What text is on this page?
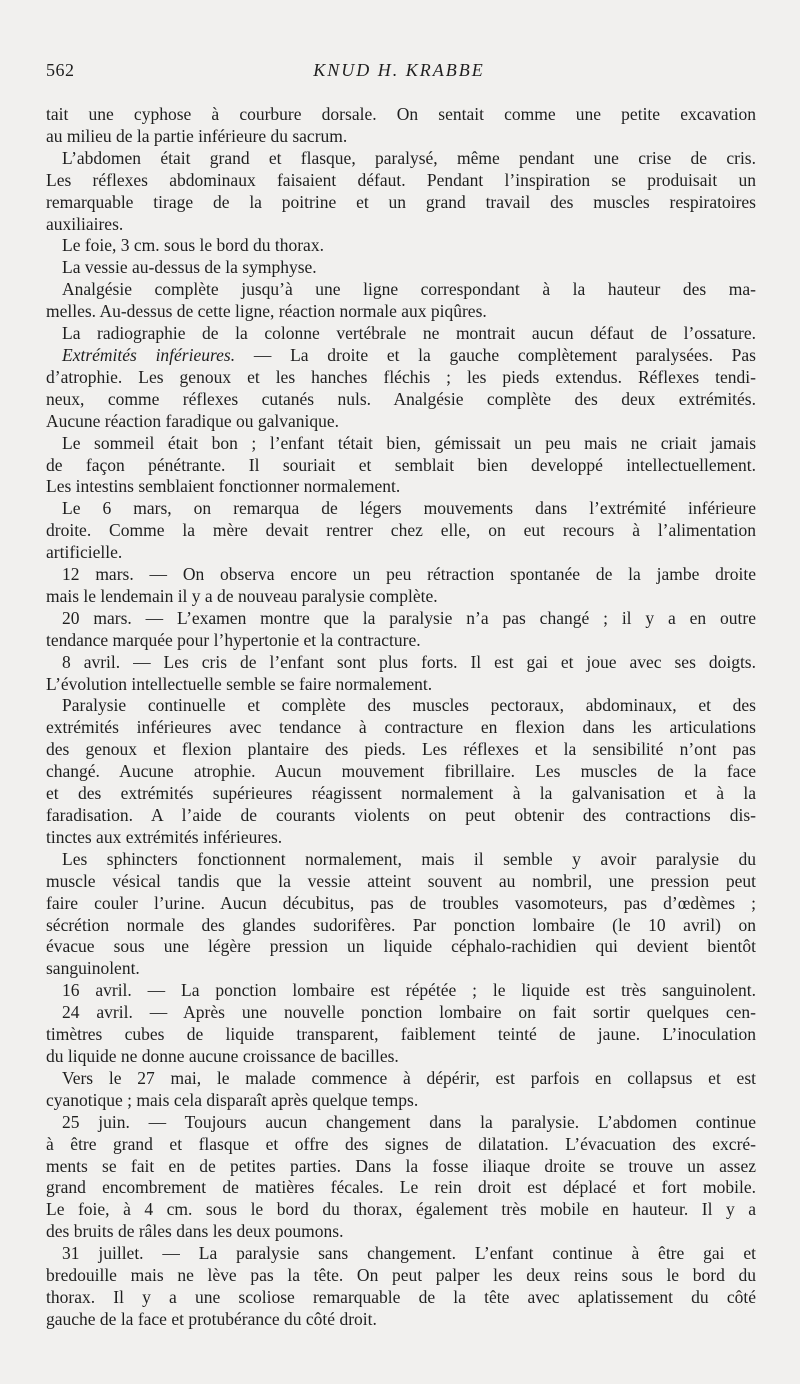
562	KNUD H. KRABBE
tait une cyphose à courbure dorsale. On sentait comme une petite excavation
au milieu de la partie inférieure du sacrum.
L’abdomen était grand et flasque, paralysé, même pendant une crise de cris.
Les réflexes abdominaux faisaient défaut. Pendant l’inspiration se produisait un
remarquable tirage de la poitrine et un grand travail des muscles respiratoires
auxiliaires.
Le foie, 3 cm. sous le bord du thorax.
La vessie au-dessus de la symphyse.
Analgésie complète jusqu’à une ligne correspondant à la hauteur des ma-
melles. Au-dessus de cette ligne, réaction normale aux piqûres.
La radiographie de la colonne vertébrale ne montrait aucun défaut de l’ossature.
Extrémités inférieures. — La droite et la gauche complètement paralysées. Pas
d’atrophie. Les genoux et les hanches fléchis ; les pieds extendus. Réflexes tendi-
neux, comme réflexes cutanés nuls. Analgésie complète des deux extrémités.
Aucune réaction faradique ou galvanique.
Le sommeil était bon ; l’enfant tétait bien, gémissait un peu mais ne criait jamais
de façon pénétrante. Il souriait et semblait bien developpé intellectuellement.
Les intestins semblaient fonctionner normalement.
Le 6 mars, on remarqua de légers mouvements dans l’extrémité inférieure
droite. Comme la mère devait rentrer chez elle, on eut recours à l’alimentation
artificielle.
12 mars. — On observa encore un peu rétraction spontanée de la jambe droite
mais le lendemain il y a de nouveau paralysie complète.
20 mars. — L’examen montre que la paralysie n’a pas changé ; il y a en outre
tendance marquée pour l’hypertonie et la contracture.
8 avril. — Les cris de l’enfant sont plus forts. Il est gai et joue avec ses doigts.
L’évolution intellectuelle semble se faire normalement.
Paralysie continuelle et complète des muscles pectoraux, abdominaux, et des
extrémités inférieures avec tendance à contracture en flexion dans les articulations
des genoux et flexion plantaire des pieds. Les réflexes et la sensibilité n’ont pas
changé. Aucune atrophie. Aucun mouvement fibrillaire. Les muscles de la face
et des extrémités supérieures réagissent normalement à la galvanisation et à la
faradisation. A l’aide de courants violents on peut obtenir des contractions dis-
tinctes aux extrémités inférieures.
Les sphincters fonctionnent normalement, mais il semble y avoir paralysie du
muscle vésical tandis que la vessie atteint souvent au nombril, une pression peut
faire couler l’urine. Aucun décubitus, pas de troubles vasomoteurs, pas d’œdèmes ;
sécrétion normale des glandes sudorifères. Par ponction lombaire (le 10 avril) on
évacue sous une légère pression un liquide céphalo-rachidien qui devient bientôt
sanguinolent.
16 avril. — La ponction lombaire est répétée ; le liquide est très sanguinolent.
24 avril. — Après une nouvelle ponction lombaire on fait sortir quelques cen-
timètres cubes de liquide transparent, faiblement teinté de jaune. L’inoculation
du liquide ne donne aucune croissance de bacilles.
Vers le 27 mai, le malade commence à dépérir, est parfois en collapsus et est
cyanotique ; mais cela disparaît après quelque temps.
25 juin. — Toujours aucun changement dans la paralysie. L’abdomen continue
à être grand et flasque et offre des signes de dilatation. L’évacuation des excré-
ments se fait en de petites parties. Dans la fosse iliaque droite se trouve un assez
grand encombrement de matières fécales. Le rein droit est déplacé et fort mobile.
Le foie, à 4 cm. sous le bord du thorax, également très mobile en hauteur. Il y a
des bruits de râles dans les deux poumons.
31 juillet. — La paralysie sans changement. L’enfant continue à être gai et
bredouille mais ne lève pas la tête. On peut palper les deux reins sous le bord du
thorax. Il y a une scoliose remarquable de la tête avec aplatissement du côté
gauche de la face et protubérance du côté droit.
